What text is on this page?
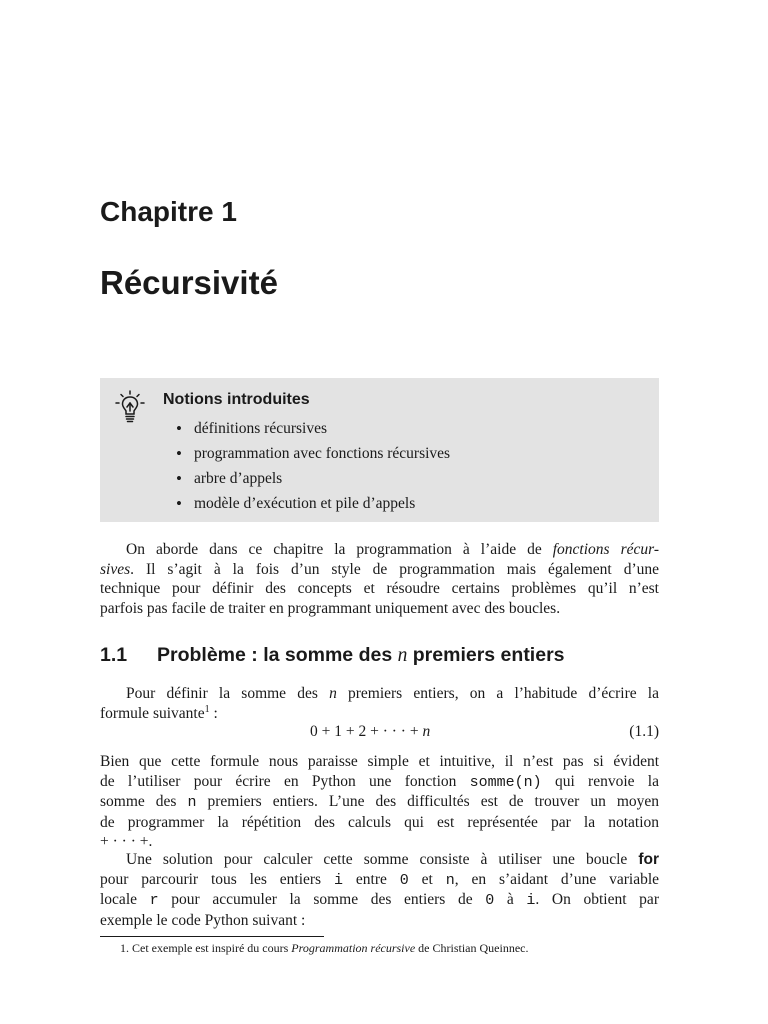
Chapitre 1
Récursivité
Notions introduites
• définitions récursives
• programmation avec fonctions récursives
• arbre d’appels
• modèle d’exécution et pile d’appels
On aborde dans ce chapitre la programmation à l’aide de fonctions récur-
sives. Il s’agit à la fois d’un style de programmation mais également d’une
technique pour définir des concepts et résoudre certains problèmes qu’il n’est
parfois pas facile de traiter en programmant uniquement avec des boucles.
1.1 Problème : la somme des n premiers entiers
Pour définir la somme des n premiers entiers, on a l’habitude d’écrire la
formule suivante$^1$ :
0 + 1 + 2 + · · · + n	(1.1)
Bien que cette formule nous paraisse simple et intuitive, il n’est pas si évident
de l’utiliser pour écrire en Python une fonction somme(n) qui renvoie la
somme des n premiers entiers. L’une des difficultés est de trouver un moyen
de programmer la répétition des calculs qui est représentée par la notation
+ · · · +.
Une solution pour calculer cette somme consiste à utiliser une boucle for
pour parcourir tous les entiers i entre 0 et n, en s’aidant d’une variable
locale r pour accumuler la somme des entiers de 0 à i. On obtient par
exemple le code Python suivant :
1. Cet exemple est inspiré du cours Programmation récursive de Christian Queinnec.
